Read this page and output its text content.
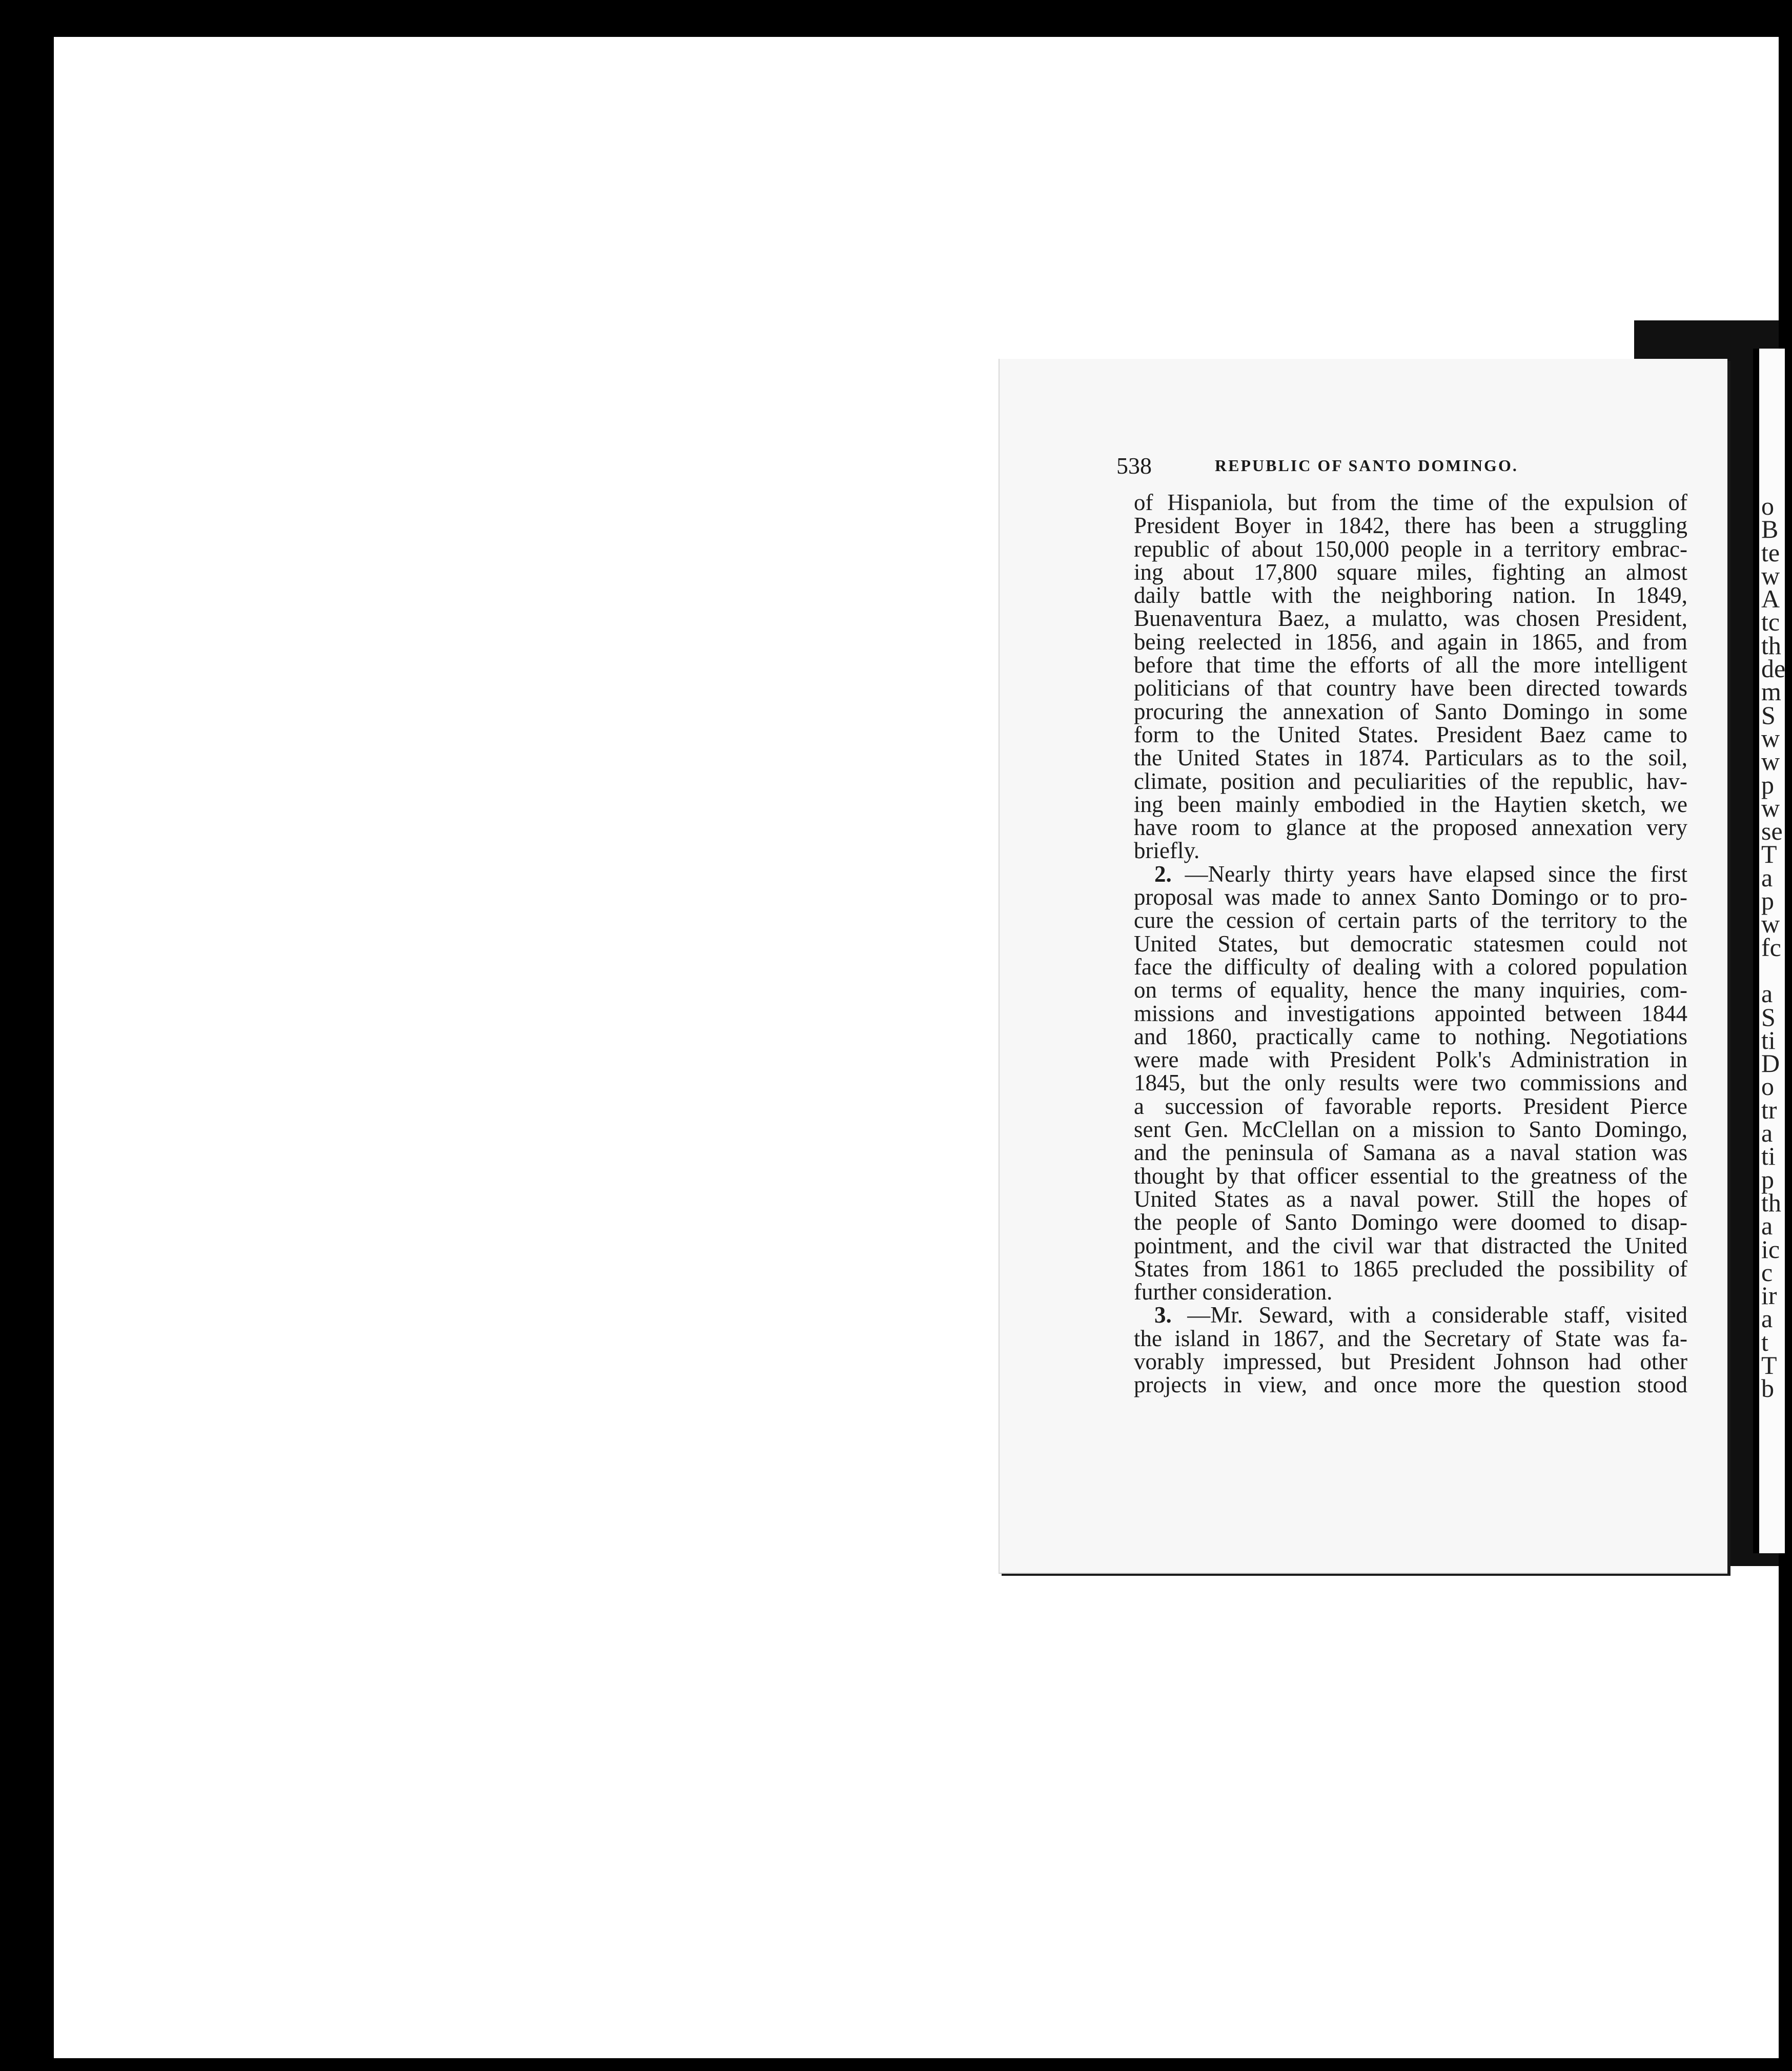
o
B
te
w
A
tc
th
de
m
S
w
w
p
w
se
T
a
p
w
fc
a
S
ti
D
o
tr
a
ti
p
th
a
ic
c
ir
a
t
T
b
538	REPUBLIC OF SANTO DOMINGO.
of Hispaniola, but from the time of the expulsion of
President Boyer in 1842, there has been a struggling
republic of about 150,000 people in a territory embrac-
ing about 17,800 square miles, fighting an almost
daily battle with the neighboring nation. In 1849,
Buenaventura Baez, a mulatto, was chosen President,
being reelected in 1856, and again in 1865, and from
before that time the efforts of all the more intelligent
politicians of that country have been directed towards
procuring the annexation of Santo Domingo in some
form to the United States. President Baez came to
the United States in 1874. Particulars as to the soil,
climate, position and peculiarities of the republic, hav-
ing been mainly embodied in the Haytien sketch, we
have room to glance at the proposed annexation very
briefly.
2. —Nearly thirty years have elapsed since the first
proposal was made to annex Santo Domingo or to pro-
cure the cession of certain parts of the territory to the
United States, but democratic statesmen could not
face the difficulty of dealing with a colored population
on terms of equality, hence the many inquiries, com-
missions and investigations appointed between 1844
and 1860, practically came to nothing. Negotiations
were made with President Polk's Administration in
1845, but the only results were two commissions and
a succession of favorable reports. President Pierce
sent Gen. McClellan on a mission to Santo Domingo,
and the peninsula of Samana as a naval station was
thought by that officer essential to the greatness of the
United States as a naval power. Still the hopes of
the people of Santo Domingo were doomed to disap-
pointment, and the civil war that distracted the United
States from 1861 to 1865 precluded the possibility of
further consideration.
3. —Mr. Seward, with a considerable staff, visited
the island in 1867, and the Secretary of State was fa-
vorably impressed, but President Johnson had other
projects in view, and once more the question stood
